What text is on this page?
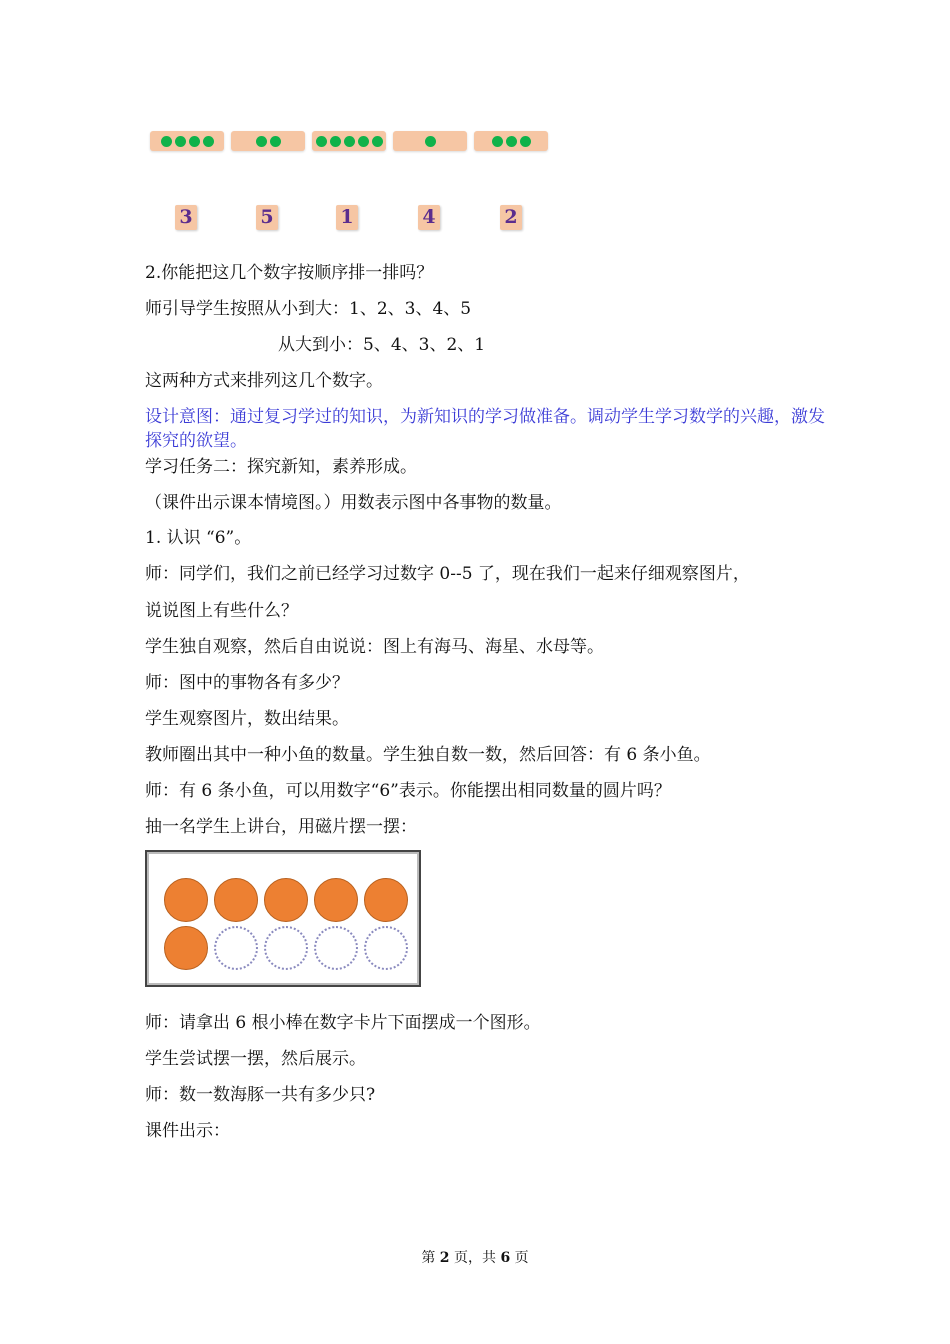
3	5	1	4	2
2.你能把这几个数字按顺序排一排吗？
师引导学生按照从小到大：1、2、3、4、5
从大到小：5、4、3、2、1
这两种方式来排列这几个数字。
设计意图：通过复习学过的知识，为新知识的学习做准备。调动学生学习数学的兴趣，激发探究的欲望。
学习任务二：探究新知，素养形成。
（课件出示课本情境图。）用数表示图中各事物的数量。
1. 认识 “6”。
师：同学们，我们之前已经学习过数字 0--5 了，现在我们一起来仔细观察图片，
说说图上有些什么？
学生独自观察，然后自由说说：图上有海马、海星、水母等。
师：图中的事物各有多少？
学生观察图片，数出结果。
教师圈出其中一种小鱼的数量。学生独自数一数，然后回答：有 6 条小鱼。
师：有 6 条小鱼，可以用数字“6”表示。你能摆出相同数量的圆片吗？
抽一名学生上讲台，用磁片摆一摆：
师：请拿出 6 根小棒在数字卡片下面摆成一个图形。
学生尝试摆一摆，然后展示。
师：数一数海豚一共有多少只?
课件出示：
第 2 页，共 6 页
